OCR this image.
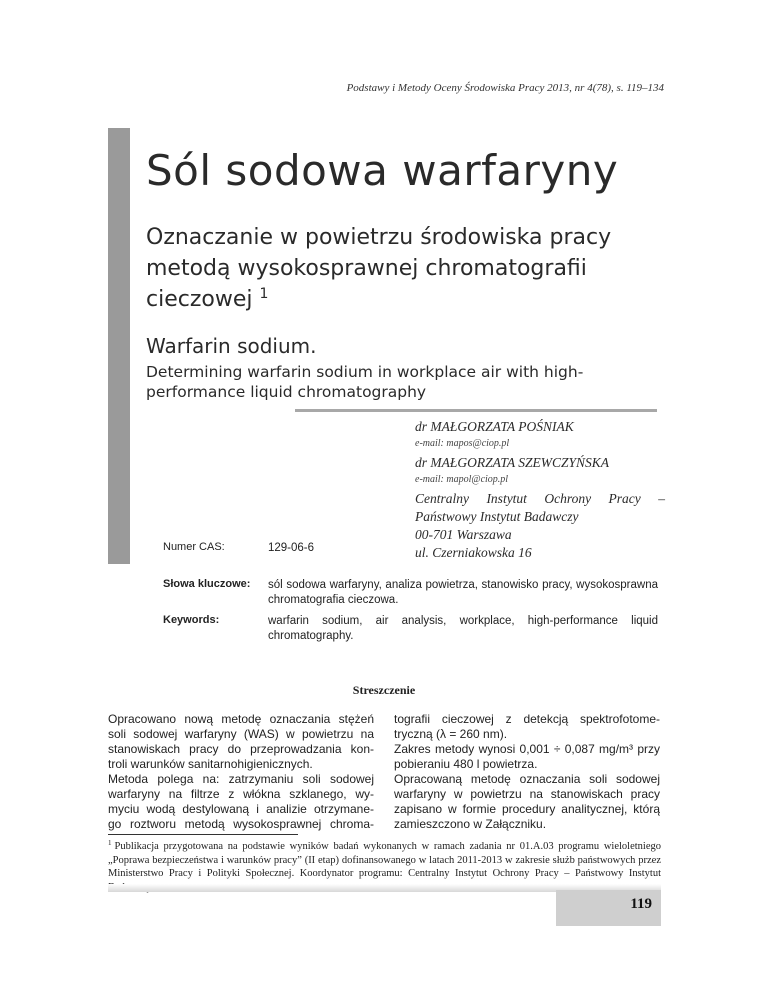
Podstawy i Metody Oceny Środowiska Pracy 2013, nr 4(78), s. 119–134
Sól sodowa warfaryny
Oznaczanie w powietrzu środowiska pracy metodą wysokosprawnej chromatografii cieczowej $^1$
Warfarin sodium.
Determining warfarin sodium in workplace air with high-performance liquid chromatography
dr MAŁGORZATA POŚNIAK
e-mail: mapos@ciop.pl
dr MAŁGORZATA SZEWCZYŃSKA
e-mail: mapol@ciop.pl
Centralny Instytut Ochrony Pracy –
Państwowy Instytut Badawczy
00-701 Warszawa
ul. Czerniakowska 16
Numer CAS:	129-06-6
Słowa kluczowe: sól sodowa warfaryny, analiza powietrza, stanowisko pracy, wysokosprawna chromatografia cieczowa.
Keywords:	warfarin sodium, air analysis, workplace, high-performance liquid chromatography.
Streszczenie
Opracowano nową metodę oznaczania stężeń
soli sodowej warfaryny (WAS) w powietrzu na
stanowiskach pracy do przeprowadzania kon-
troli warunków sanitarnohigienicznych.
Metoda polega na: zatrzymaniu soli sodowej
warfaryny na filtrze z włókna szklanego, wy-
myciu wodą destylowaną i analizie otrzymane-
go roztworu metodą wysokosprawnej chroma-
tografii cieczowej z detekcją spektrofotome-
tryczną (λ = 260 nm).
Zakres metody wynosi 0,001 ÷ 0,087 mg/m³ przy
pobieraniu 480 l powietrza.
Opracowaną metodę oznaczania soli sodowej
warfaryny w powietrzu na stanowiskach pracy
zapisano w formie procedury analitycznej, którą
zamieszczono w Załączniku.
$^1$ Publikacja przygotowana na podstawie wyników badań wykonanych w ramach zadania nr 01.A.03 programu wieloletniego „Poprawa bezpieczeństwa i warunków pracy” (II etap) dofinansowanego w latach 2011-2013 w zakresie służb państwowych przez Ministerstwo Pracy i Polityki Społecznej. Koordynator programu: Centralny Instytut Ochrony Pracy – Państwowy Instytut
119
